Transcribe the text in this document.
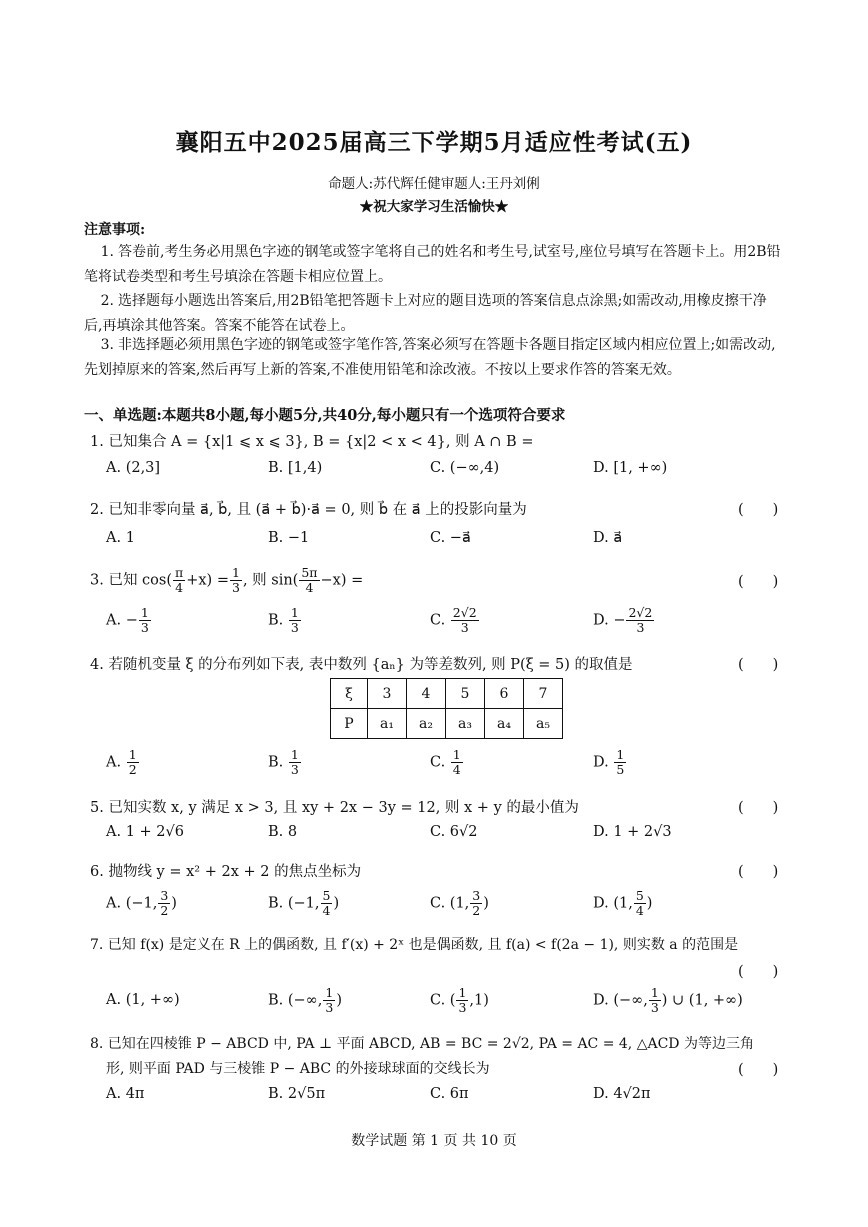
襄阳五中2025届高三下学期5月适应性考试(五)
命题人:苏代辉任健审题人:王丹刘俐
★祝大家学习生活愉快★
注意事项:
1. 答卷前,考生务必用黑色字迹的钢笔或签字笔将自己的姓名和考生号,试室号,座位号填写在答题卡上。用2B铅笔将试卷类型和考生号填涂在答题卡相应位置上。
2. 选择题每小题选出答案后,用2B铅笔把答题卡上对应的题目选项的答案信息点涂黑;如需改动,用橡皮擦干净后,再填涂其他答案。答案不能答在试卷上。
3. 非选择题必须用黑色字迹的钢笔或签字笔作答,答案必须写在答题卡各题目指定区域内相应位置上;如需改动,先划掉原来的答案,然后再写上新的答案,不准使用铅笔和涂改液。不按以上要求作答的答案无效。
一、单选题:本题共8小题,每小题5分,共40分,每小题只有一个选项符合要求
1. 已知集合 A = {x|1 ⩽ x ⩽ 3}, B = {x|2 < x < 4}, 则 A ∩ B =
A. (2,3]	B. [1,4)	C. (−∞,4)	D. [1, +∞)
2. 已知非零向量 a⃗, b⃗, 且 (a⃗ + b⃗)·a⃗ = 0, 则 b⃗ 在 a⃗ 上的投影向量为	(　　)
A. 1	B. −1	C. −a⃗	D. a⃗
3. 已知 $\cos( \frac{\pi}{4} +x) = \frac{1}{3}$ , 则 $\sin( \frac{5\pi}{4} -x)$ =	(　　)
A. − $\frac{1}{3}$	B. $\frac{1}{3}$	C. $\frac{2√2}{3}$	D. − $\frac{2√2}{3}$
4. 若随机变量 ξ 的分布列如下表, 表中数列 {aₙ} 为等差数列, 则 P(ξ = 5) 的取值是	(　　)
ξ	3	4	5	6	7
P	a₁	a₂	a₃	a₄	a₅
A. $\frac{1}{2}$	B. $\frac{1}{3}$	C. $\frac{1}{4}$	D. $\frac{1}{5}$
5. 已知实数 x, y 满足 x > 3, 且 xy + 2x − 3y = 12, 则 x + y 的最小值为	(　　)
A. 1 + 2√6	B. 8	C. 6√2	D. 1 + 2√3
6. 抛物线 y = x² + 2x + 2 的焦点坐标为	(　　)
A. (−1, $\frac{3}{2}$ )	B. (−1, $\frac{5}{4}$ )	C. (1, $\frac{3}{2}$ )	D. (1, $\frac{5}{4}$ )
7. 已知 f(x) 是定义在 R 上的偶函数, 且 f′(x) + 2ˣ 也是偶函数, 且 f(a) < f(2a − 1), 则实数 a 的范围是
(　　)
A. (1, +∞)	B. (−∞, $\frac{1}{3}$ )	C. ( $\frac{1}{3} ,1$)	D. (−∞, $\frac{1}{3}$ ) ∪ (1, +∞)
8. 已知在四棱锥 P − ABCD 中, PA ⊥ 平面 ABCD, AB = BC = 2√2, PA = AC = 4, △ACD 为等边三角
形, 则平面 PAD 与三棱锥 P − ABC 的外接球球面的交线长为	(　　)
A. 4π	B. 2√5π	C. 6π	D. 4√2π
数学试题 第 1 页 共 10 页
